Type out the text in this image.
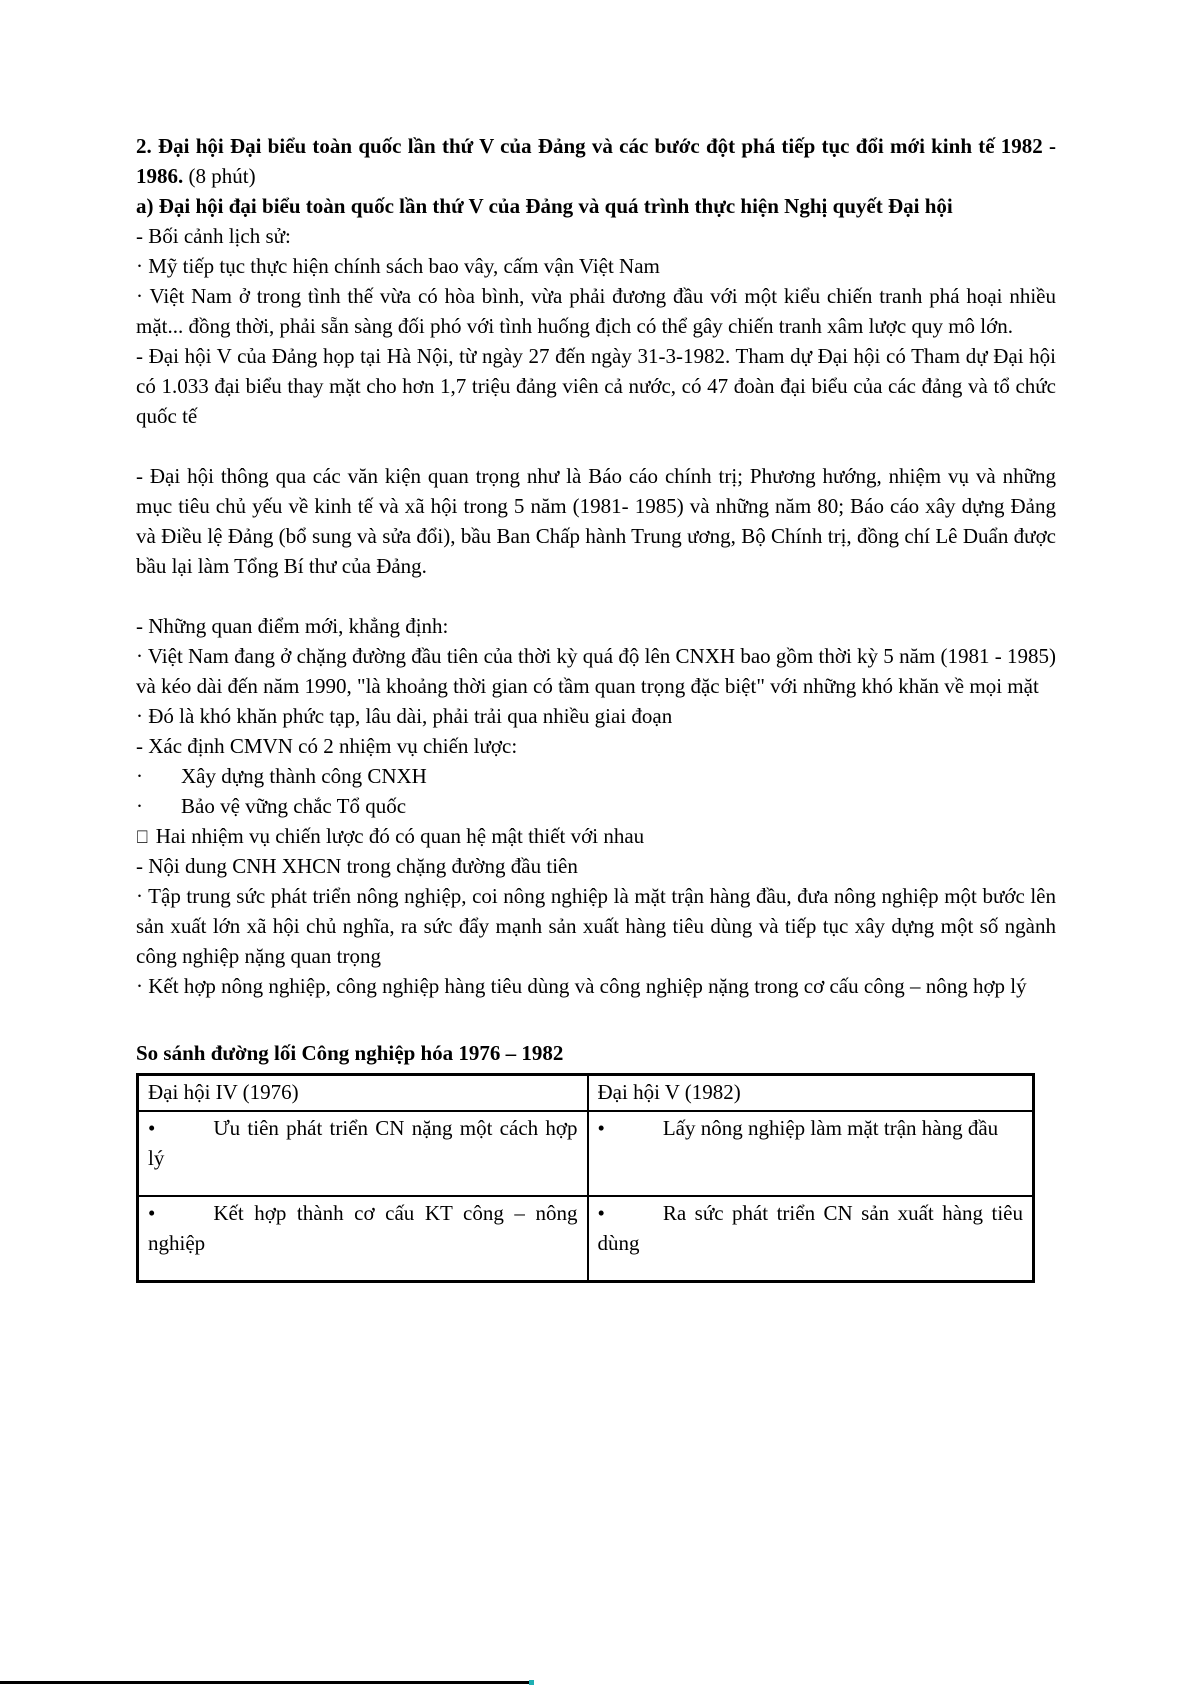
2. Đại hội Đại biểu toàn quốc lần thứ V của Đảng và các bước đột phá tiếp tục đổi mới kinh tế 1982 - 1986. (8 phút)

a) Đại hội đại biểu toàn quốc lần thứ V của Đảng và quá trình thực hiện Nghị quyết Đại hội

- Bối cảnh lịch sử:

· Mỹ tiếp tục thực hiện chính sách bao vây, cấm vận Việt Nam

· Việt Nam ở trong tình thế vừa có hòa bình, vừa phải đương đầu với một kiểu chiến tranh phá hoại nhiều mặt... đồng thời, phải sẵn sàng đối phó với tình huống địch có thể gây chiến tranh xâm lược quy mô lớn.

- Đại hội V của Đảng họp tại Hà Nội, từ ngày 27 đến ngày 31-3-1982. Tham dự Đại hội có Tham dự Đại hội có 1.033 đại biểu thay mặt cho hơn 1,7 triệu đảng viên cả nước, có 47 đoàn đại biểu của các đảng và tổ chức quốc tế

- Đại hội thông qua các văn kiện quan trọng như là Báo cáo chính trị; Phương hướng, nhiệm vụ và những mục tiêu chủ yếu về kinh tế và xã hội trong 5 năm (1981- 1985) và những năm 80; Báo cáo xây dựng Đảng và Điều lệ Đảng (bổ sung và sửa đổi), bầu Ban Chấp hành Trung ương, Bộ Chính trị, đồng chí Lê Duẩn được bầu lại làm Tổng Bí thư của Đảng.

- Những quan điểm mới, khẳng định:

· Việt Nam đang ở chặng đường đầu tiên của thời kỳ quá độ lên CNXH bao gồm thời kỳ 5 năm (1981 - 1985) và kéo dài đến năm 1990, "là khoảng thời gian có tầm quan trọng đặc biệt" với những khó khăn về mọi mặt

· Đó là khó khăn phức tạp, lâu dài, phải trải qua nhiều giai đoạn

- Xác định CMVN có 2 nhiệm vụ chiến lược:

· Xây dựng thành công CNXH

· Bảo vệ vững chắc Tổ quốc

□ Hai nhiệm vụ chiến lược đó có quan hệ mật thiết với nhau

- Nội dung CNH XHCN trong chặng đường đầu tiên

· Tập trung sức phát triển nông nghiệp, coi nông nghiệp là mặt trận hàng đầu, đưa nông nghiệp một bước lên sản xuất lớn xã hội chủ nghĩa, ra sức đẩy mạnh sản xuất hàng tiêu dùng và tiếp tục xây dựng một số ngành công nghiệp nặng quan trọng

· Kết hợp nông nghiệp, công nghiệp hàng tiêu dùng và công nghiệp nặng trong cơ cấu công – nông hợp lý

So sánh đường lối Công nghiệp hóa 1976 – 1982

Đại hội IV (1976)	Đại hội V (1982)

• Ưu tiên phát triển CN nặng một cách hợp lý	• Lấy nông nghiệp làm mặt trận hàng đầu

• Kết hợp thành cơ cấu KT công – nông nghiệp	• Ra sức phát triển CN sản xuất hàng tiêu dùng
